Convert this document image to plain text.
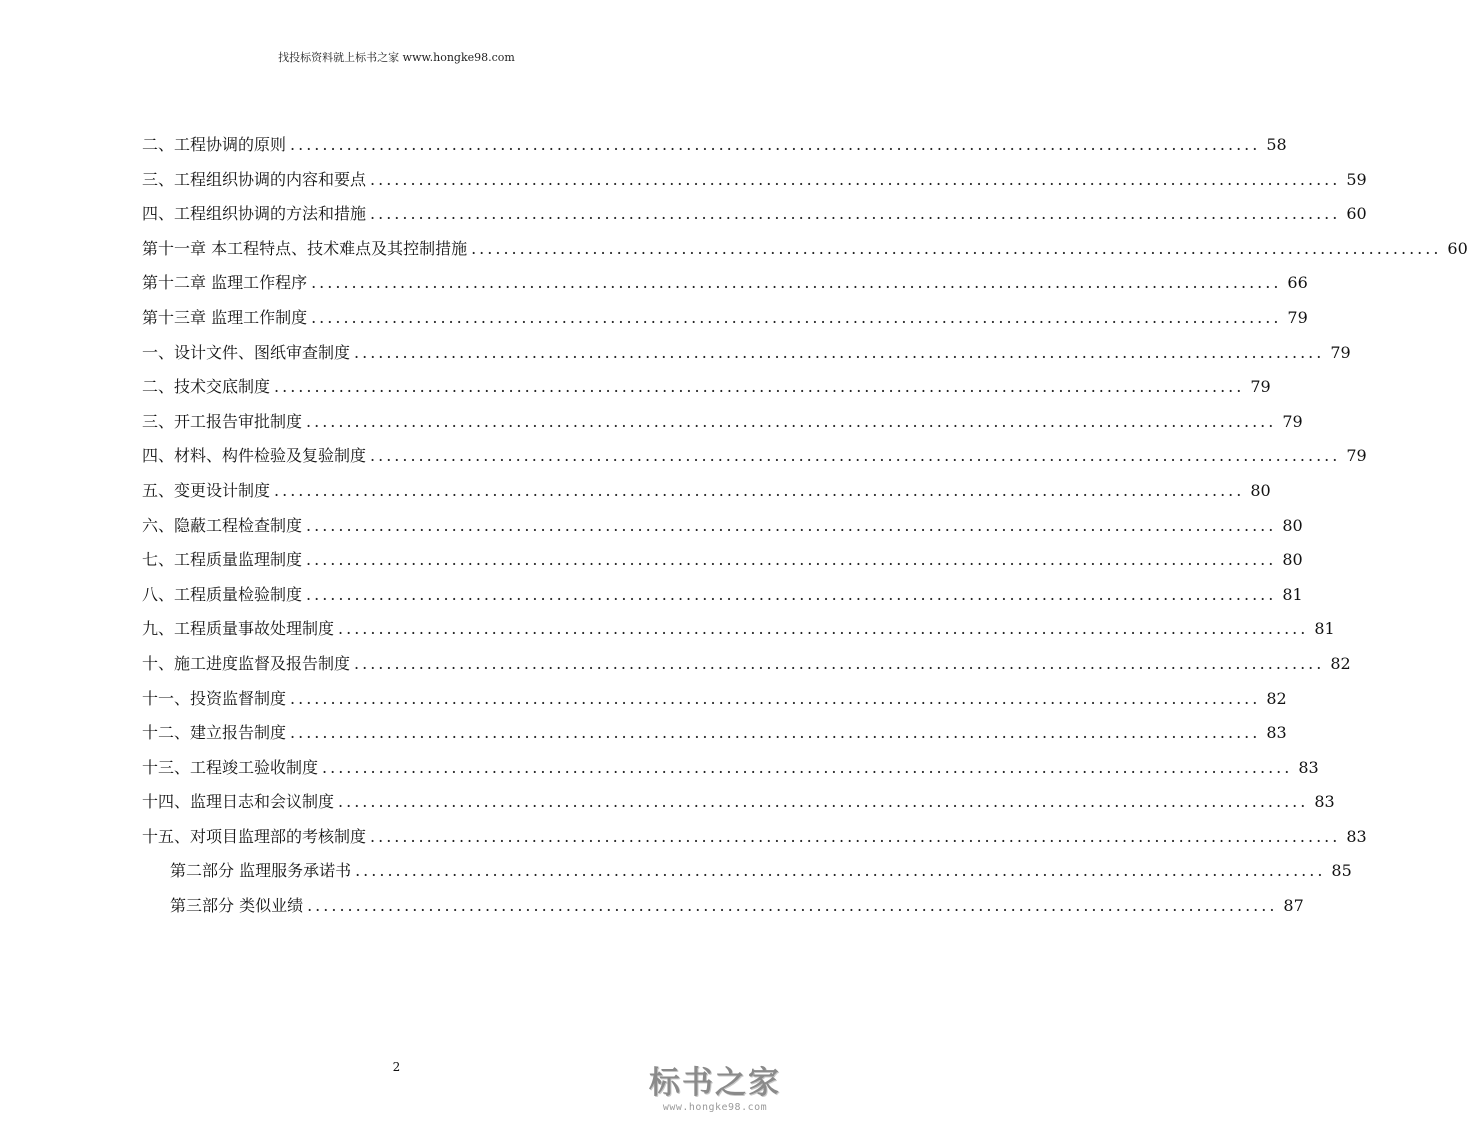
找投标资料就上标书之家 www.hongke98.com
二、工程协调的原则 ........................................................................................................................ 58
三、工程组织协调的内容和要点 ........................................................................................................................ 59
四、工程组织协调的方法和措施 ........................................................................................................................ 60
第十一章 本工程特点、技术难点及其控制措施 ........................................................................................................................ 60
第十二章 监理工作程序 ........................................................................................................................ 66
第十三章 监理工作制度 ........................................................................................................................ 79
一、设计文件、图纸审查制度 ........................................................................................................................ 79
二、技术交底制度 ........................................................................................................................ 79
三、开工报告审批制度 ........................................................................................................................ 79
四、材料、构件检验及复验制度 ........................................................................................................................ 79
五、变更设计制度 ........................................................................................................................ 80
六、隐蔽工程检查制度 ........................................................................................................................ 80
七、工程质量监理制度 ........................................................................................................................ 80
八、工程质量检验制度 ........................................................................................................................ 81
九、工程质量事故处理制度 ........................................................................................................................ 81
十、施工进度监督及报告制度 ........................................................................................................................ 82
十一、投资监督制度 ........................................................................................................................ 82
十二、建立报告制度 ........................................................................................................................ 83
十三、工程竣工验收制度 ........................................................................................................................ 83
十四、监理日志和会议制度 ........................................................................................................................ 83
十五、对项目监理部的考核制度 ........................................................................................................................ 83
第二部分 监理服务承诺书 ........................................................................................................................ 85
第三部分 类似业绩 ........................................................................................................................ 87
2	标书之家
www.hongke98.com
